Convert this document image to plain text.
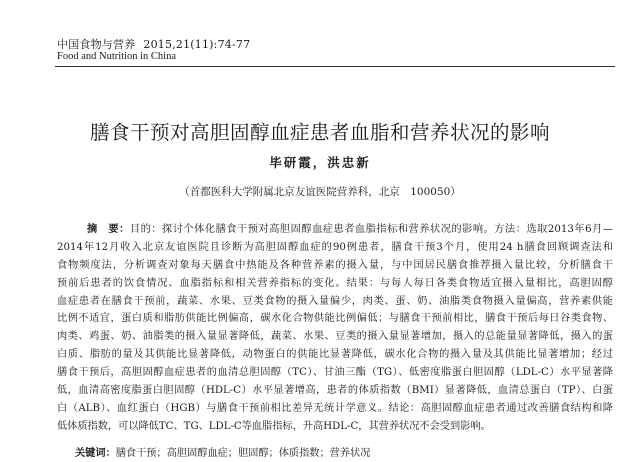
中国食物与营养 2015,21(11):74-77
Food and Nutrition in China
膳食干预对高胆固醇血症患者血脂和营养状况的影响
毕研霞，洪忠新
（首都医科大学附属北京友谊医院营养科，北京　100050）
摘　要：目的：探讨个体化膳食干预对高胆固醇血症患者血脂指标和营养状况的影响。方法：选取2013年6月—
2014年12月收入北京友谊医院且诊断为高胆固醇血症的90例患者，膳食干预3个月，使用24 h膳食回顾调查法和
食物频度法，分析调查对象每天膳食中热能及各种营养素的摄入量，与中国居民膳食推荐摄入量比较，分析膳食干
预前后患者的饮食情况、血脂指标和相关营养指标的变化。结果：与每人每日各类食物适宜摄入量相比，高胆固醇
血症患者在膳食干预前，蔬菜、水果、豆类食物的摄入量偏少，肉类、蛋、奶、油脂类食物摄入量偏高，营养素供能
比例不适宜，蛋白质和脂肪供能比例偏高，碳水化合物供能比例偏低；与膳食干预前相比，膳食干预后每日谷类食物、
肉类、鸡蛋、奶、油脂类的摄入量显著降低，蔬菜、水果、豆类的摄入量显著增加，摄入的总能量显著降低，摄入的蛋
白质、脂肪的量及其供能比显著降低，动物蛋白的供能比显著降低，碳水化合物的摄入量及其供能比显著增加；经过
膳食干预后，高胆固醇血症患者的血清总胆固醇（TC）、甘油三酯（TG）、低密度脂蛋白胆固醇（LDL-C）水平显著降
低，血清高密度脂蛋白胆固醇（HDL-C）水平显著增高，患者的体质指数（BMI）显著降低，血清总蛋白（TP）、白蛋
白（ALB）、血红蛋白（HGB）与膳食干预前相比差异无统计学意义。结论：高胆固醇血症患者通过改善膳食结构和降
低体质指数，可以降低TC、TG、LDL-C等血脂指标，升高HDL-C，其营养状况不会受到影响。
关键词：膳食干预；高胆固醇血症；胆固醇；体质指数；营养状况
